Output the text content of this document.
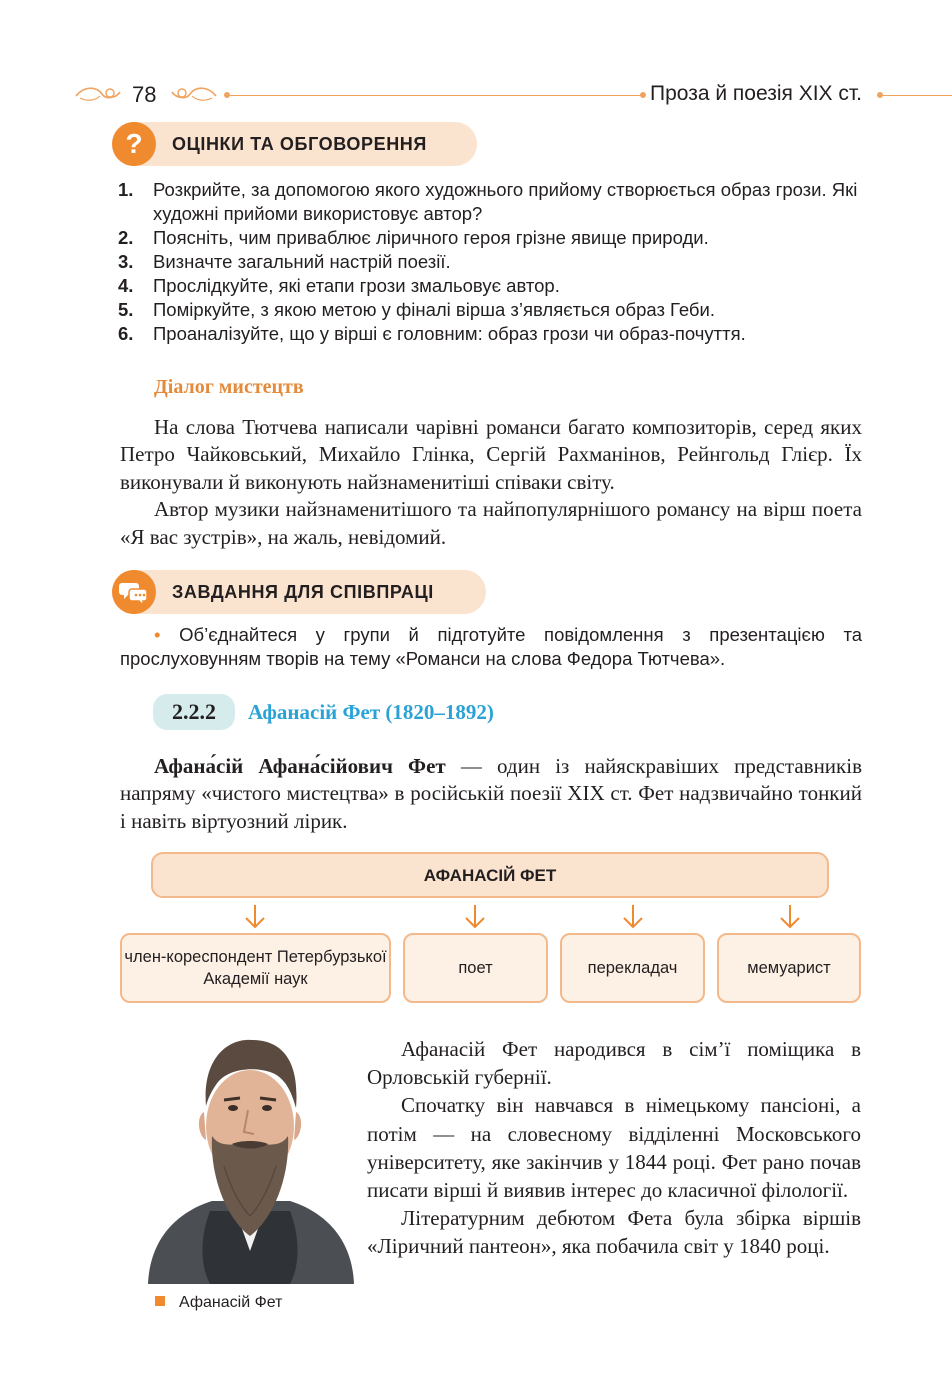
78	Проза й поезія XIX ст.
? ОЦІНКИ ТА ОБГОВОРЕННЯ
1.	Розкрийте, за допомогою якого художнього прийому створюється образ грози. Які художні прийоми використовує автор?
2.	Поясніть, чим приваблює ліричного героя грізне явище природи.
3.	Визначте загальний настрій поезії.
4.	Прослідкуйте, які етапи грози змальовує автор.
5.	Поміркуйте, з якою метою у фіналі вірша з’являється образ Геби.
6.	Проаналізуйте, що у вірші є головним: образ грози чи образ-почуття.
Діалог мистецтв

На слова Тютчева написали чарівні романси багато композиторів, серед яких Петро Чайковський, Михайло Глінка, Сергій Рахманінов, Рейнгольд Глієр. Їх виконували й виконують найзнаменитіші співаки світу.

Автор музики найзнаменитішого та найпопулярнішого романсу на вірш поета «Я вас зустрів», на жаль, невідомий.

ЗАВДАННЯ ДЛЯ СПІВПРАЦІ

• Об’єднайтеся у групи й підготуйте повідомлення з презентацією та прослуховунням творів на тему «Романси на слова Федора Тютчева».

2.2.2	Афанасій Фет (1820–1892)

Афана́сій Афана́сійович Фет — один із найяскравіших представників напряму «чистого мистецтва» в російській поезії XIX ст. Фет надзвичайно тонкий і навіть віртуозний лірик.

АФАНАСІЙ ФЕТ
член-кореспондент Петербурзької Академії наук
поет	перекладач	мемуарист
Афанасій Фет

Афанасій Фет народився в сім’ї поміщика в Орловській губернії.

Спочатку він навчався в німецькому пансіоні, а потім — на словесному відділенні Московського університету, яке закінчив у 1844 році. Фет рано почав писати вірші й виявив інтерес до класичної філології.

Літературним дебютом Фета була збірка віршів «Ліричний пантеон», яка побачила світ у 1840 році.
